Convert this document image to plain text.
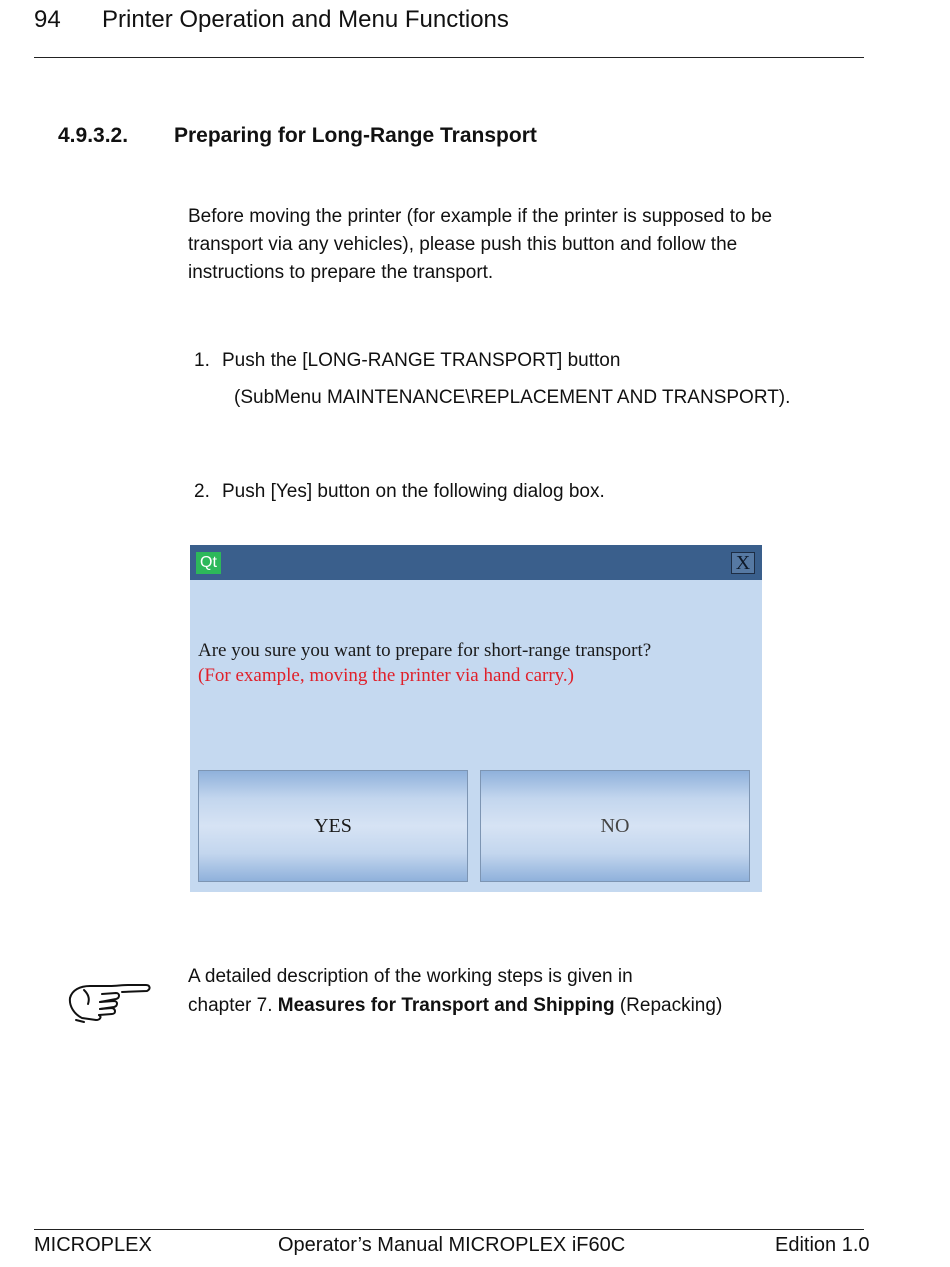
94 Printer Operation and Menu Functions
4.9.3.2. Preparing for Long-Range Transport
Before moving the printer (for example if the printer is supposed to be
transport via any vehicles), please push this button and follow the
instructions to prepare the transport.
1. Push the [LONG-RANGE TRANSPORT] button
(SubMenu MAINTENANCE\REPLACEMENT AND TRANSPORT).
2. Push [Yes] button on the following dialog box.
Qt	X
Are you sure you want to prepare for short-range transport?
(For example, moving the printer via hand carry.)
YES	NO
A detailed description of the working steps is given in
chapter 7. Measures for Transport and Shipping (Repacking)
MICROPLEX	Operator’s Manual MICROPLEX iF60C	Edition 1.0
